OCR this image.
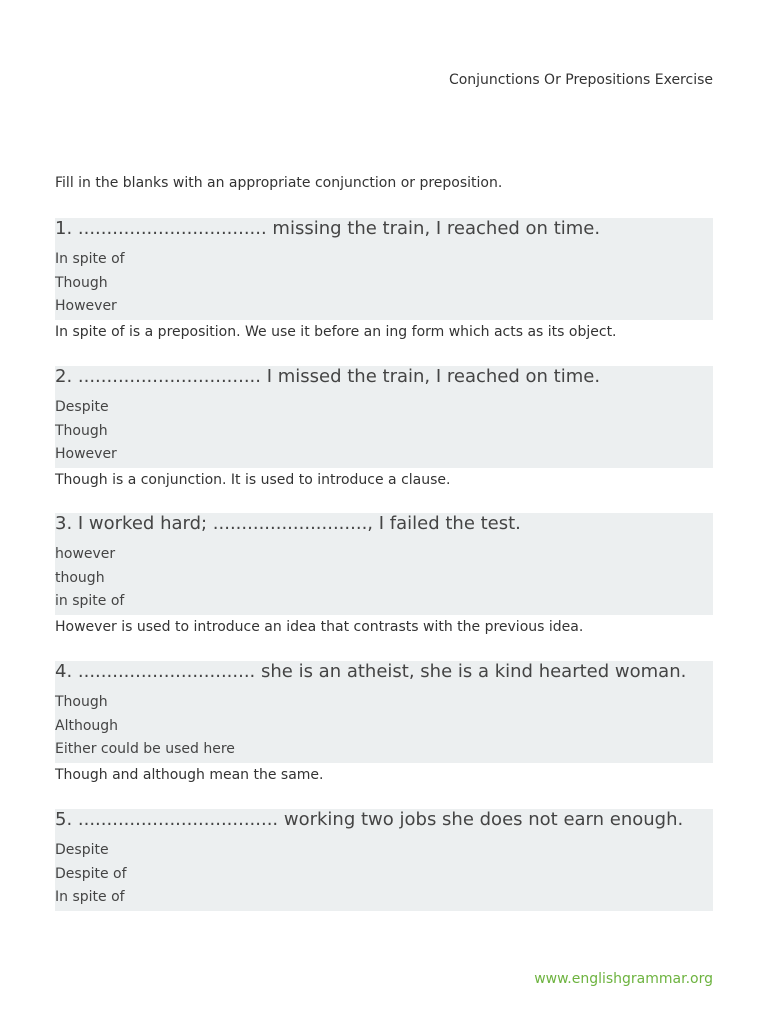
Conjunctions Or Prepositions Exercise
Fill in the blanks with an appropriate conjunction or preposition.
1. ................................. missing the train, I reached on time.
In spite of
Though
However
In spite of is a preposition. We use it before an ing form which acts as its object.
2. ................................ I missed the train, I reached on time.
Despite
Though
However
Though is a conjunction. It is used to introduce a clause.
3. I worked hard; ..........................., I failed the test.
however
though
in spite of
However is used to introduce an idea that contrasts with the previous idea.
4. ............................... she is an atheist, she is a kind hearted woman.
Though
Although
Either could be used here
Though and although mean the same.
5. ................................... working two jobs she does not earn enough.
Despite
Despite of
In spite of
www.englishgrammar.org
